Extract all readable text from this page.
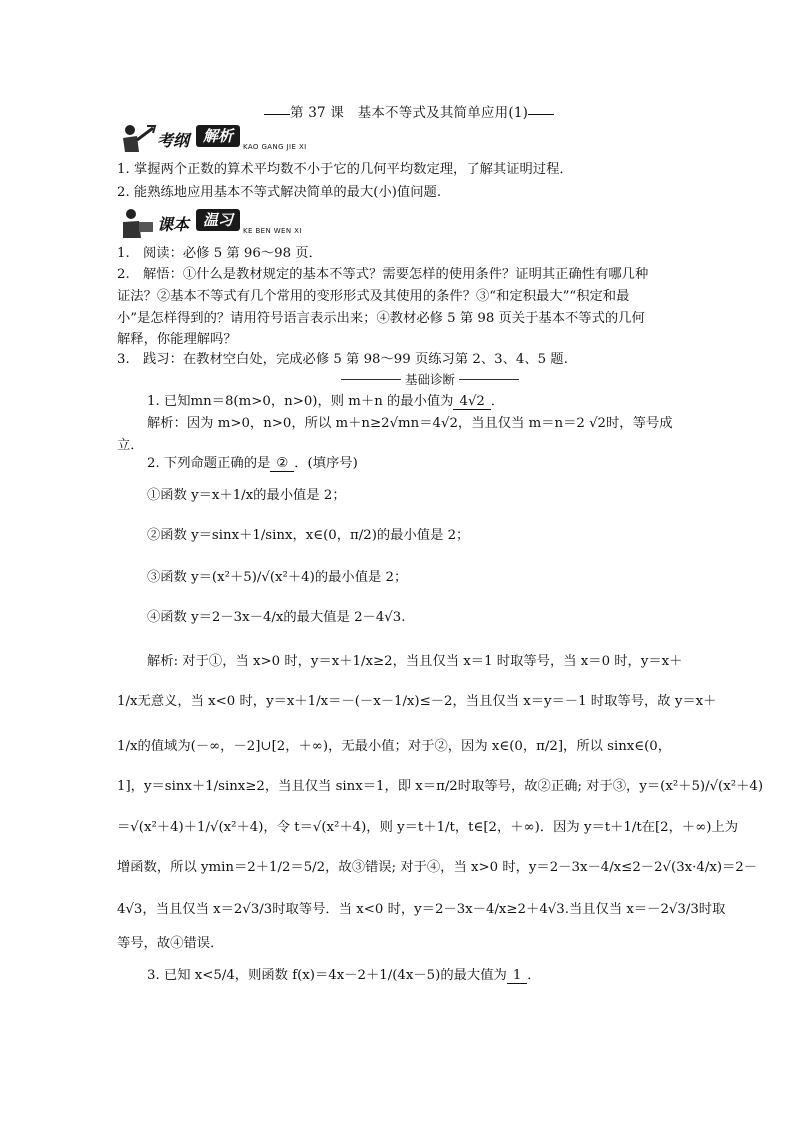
第 37 课　基本不等式及其简单应用(1)
考纲 解析
KAO GANG JIE XI
1. 掌握两个正数的算术平均数不小于它的几何平均数定理，了解其证明过程．
2. 能熟练地应用基本不等式解决简单的最大(小)值问题.
课本 温习
KE BEN WEN XI
1.　阅读：必修 5 第 96～98 页．
2.　解悟：①什么是教材规定的基本不等式？需要怎样的使用条件？证明其正确性有哪几种
证法？②基本不等式有几个常用的变形形式及其使用的条件？③“和定积最大”“积定和最
小”是怎样得到的？请用符号语言表示出来；④教材必修 5 第 98 页关于基本不等式的几何
解释，你能理解吗？
3.　践习：在教材空白处，完成必修 5 第 98～99 页练习第 2、3、4、5 题.
基础诊断
1. 已知mn＝8(m>0，n>0)，则 m＋n 的最小值为 4√2 ．
解析：因为 m>0，n>0，所以 m＋n≥2√mn＝4√2，当且仅当 m＝n＝2 √2时，等号成
立．
2. 下列命题正确的是 ② ．(填序号)
①函数 y＝x＋1/x的最小值是 2；
②函数 y＝sinx＋1/sinx，x∈(0，π/2)的最小值是 2；
③函数 y＝(x²＋5)/√(x²＋4)的最小值是 2；
④函数 y＝2－3x－4/x的最大值是 2－4√3.
解析: 对于①，当 x>0 时，y＝x＋1/x≥2，当且仅当 x＝1 时取等号，当 x＝0 时，y＝x＋
1/x无意义，当 x<0 时，y＝x＋1/x＝－(－x－1/x)≤－2，当且仅当 x＝y＝－1 时取等号，故 y＝x＋
1/x的值域为(－∞，－2]∪[2，＋∞)，无最小值；对于②，因为 x∈(0，π/2]，所以 sinx∈(0，
1]，y＝sinx＋1/sinx≥2，当且仅当 sinx＝1，即 x＝π/2时取等号，故②正确; 对于③，y＝(x²＋5)/√(x²＋4)
＝√(x²＋4)＋1/√(x²＋4)，令 t＝√(x²＋4)，则 y＝t＋1/t，t∈[2，＋∞)．因为 y＝t＋1/t在[2，＋∞)上为
增函数，所以 ymin＝2＋1/2＝5/2，故③错误; 对于④，当 x>0 时，y＝2－3x－4/x≤2－2√(3x·4/x)＝2－
4√3，当且仅当 x＝2√3/3时取等号．当 x<0 时，y＝2－3x－4/x≥2＋4√3.当且仅当 x＝－2√3/3时取
等号，故④错误．
3. 已知 x<5/4，则函数 f(x)＝4x－2＋1/(4x－5)的最大值为 1 ．
